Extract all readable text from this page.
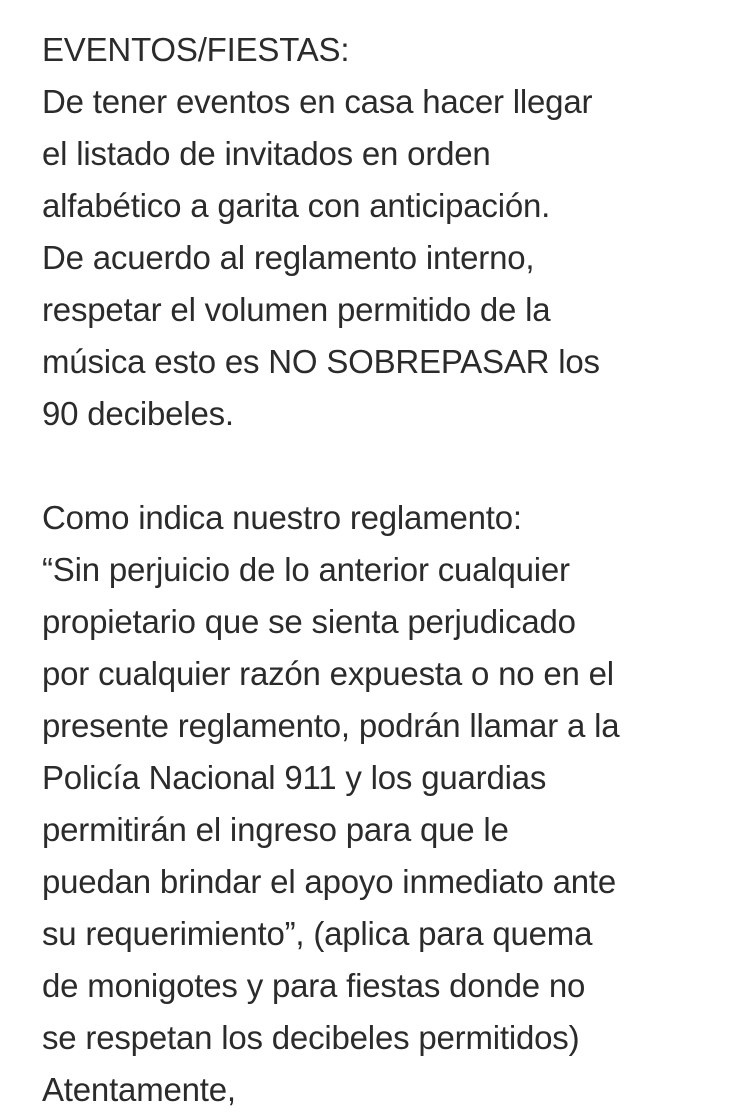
EVENTOS/FIESTAS:
De tener eventos en casa hacer llegar
el listado de invitados en orden
alfabético a garita con anticipación.
De acuerdo al reglamento interno,
respetar el volumen permitido de la
música esto es NO SOBREPASAR los
90 decibeles.
Como indica nuestro reglamento:
“Sin perjuicio de lo anterior cualquier
propietario que se sienta perjudicado
por cualquier razón expuesta o no en el
presente reglamento, podrán llamar a la
Policía Nacional 911 y los guardias
permitirán el ingreso para que le
puedan brindar el apoyo inmediato ante
su requerimiento”, (aplica para quema
de monigotes y para fiestas donde no
se respetan los decibeles permitidos)
Atentamente,
